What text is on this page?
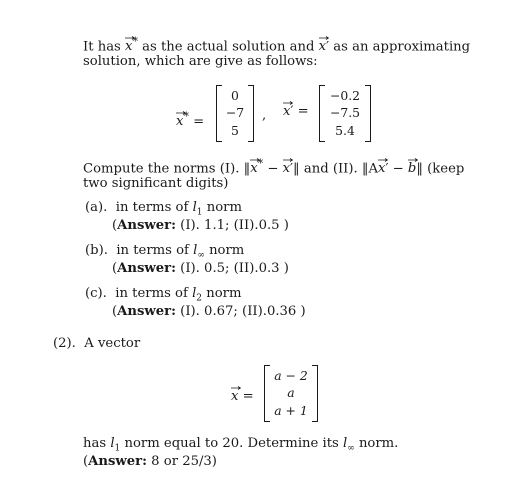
It has x
* as the actual solution and x
′ as an approximating
solution, which are give as follows:
x
* =
0
−7
5
, x
′ =
−0.2
−7.5
5.4
Compute the norms (I). ‖x
* − x
′‖ and (II). ‖Ax
′ − b
‖ (keep
two significant digits)
(a). in terms of $l_1$ norm
(Answer: (I). 1.1; (II).0.5 )
(b). in terms of $l_\infty$ norm
(Answer: (I). 0.5; (II).0.3 )
(c). in terms of $l_2$ norm
(Answer: (I). 0.67; (II).0.36 )
(2). A vector
x
=
a − 2
a
a + 1
has $l_1$ norm equal to 20. Determine its $l_\infty$ norm.
(Answer: 8 or 25/3)
